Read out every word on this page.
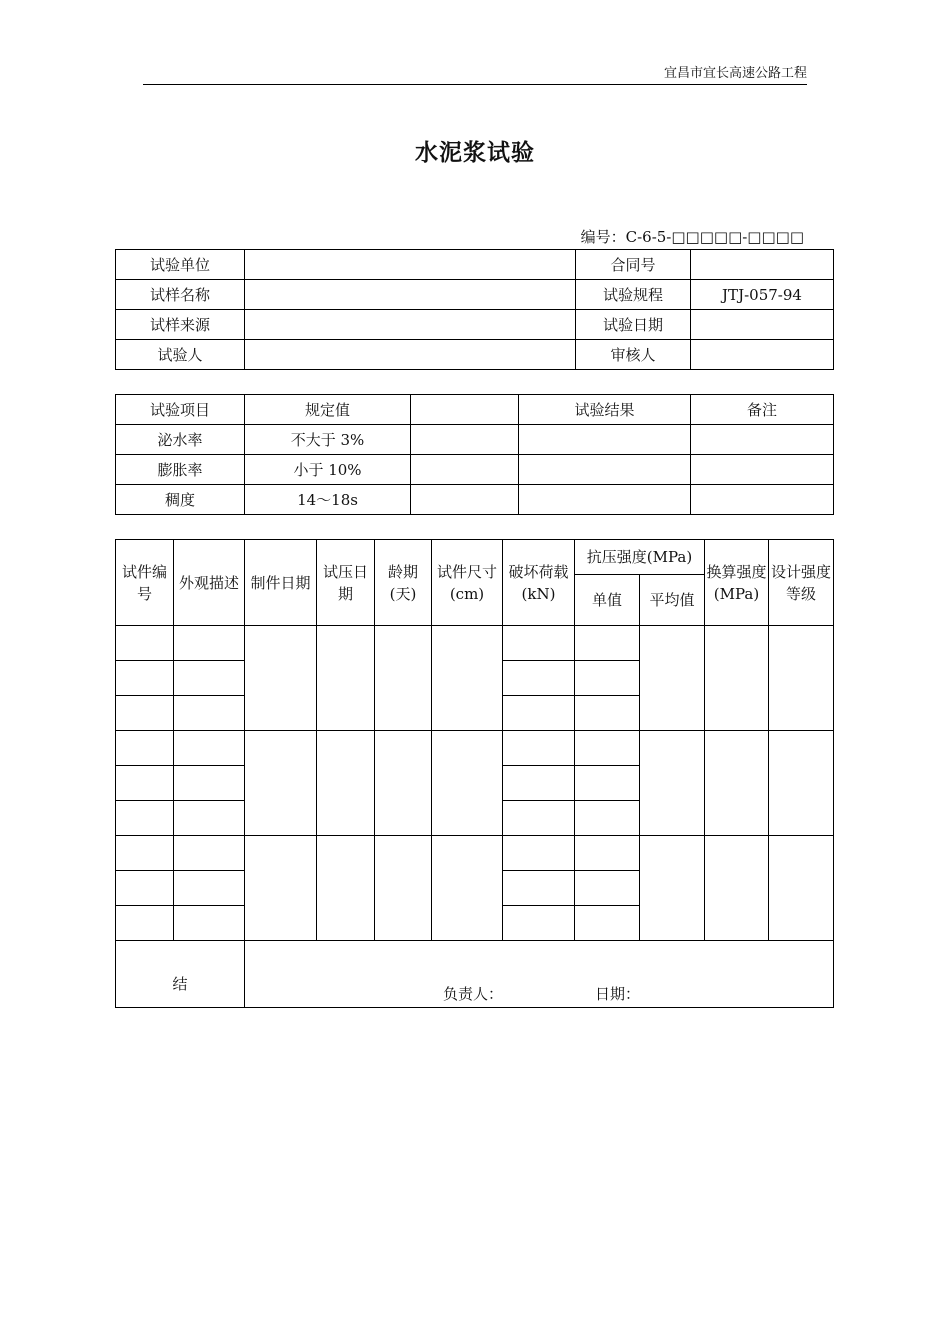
宜昌市宜长高速公路工程
水泥浆试验
编号：C-6-5-□□□□□-□□□□
试验单位		合同号	
试样名称		试验规程	JTJ-057-94
试样来源		试验日期	
试验人		审核人	
试验项目	规定值		试验结果	备注
泌水率	不大于 3%			
膨胀率	小于 10%			
稠度	14～18s			
试件编号	外观描述	制件日期	试压日期	龄期(天)	试件尺寸(cm)	破坏荷载(kN)	抗压强度(MPa)		换算强度(MPa)	设计强度等级
							单值	平均值		

结		负责人： 日期：								
